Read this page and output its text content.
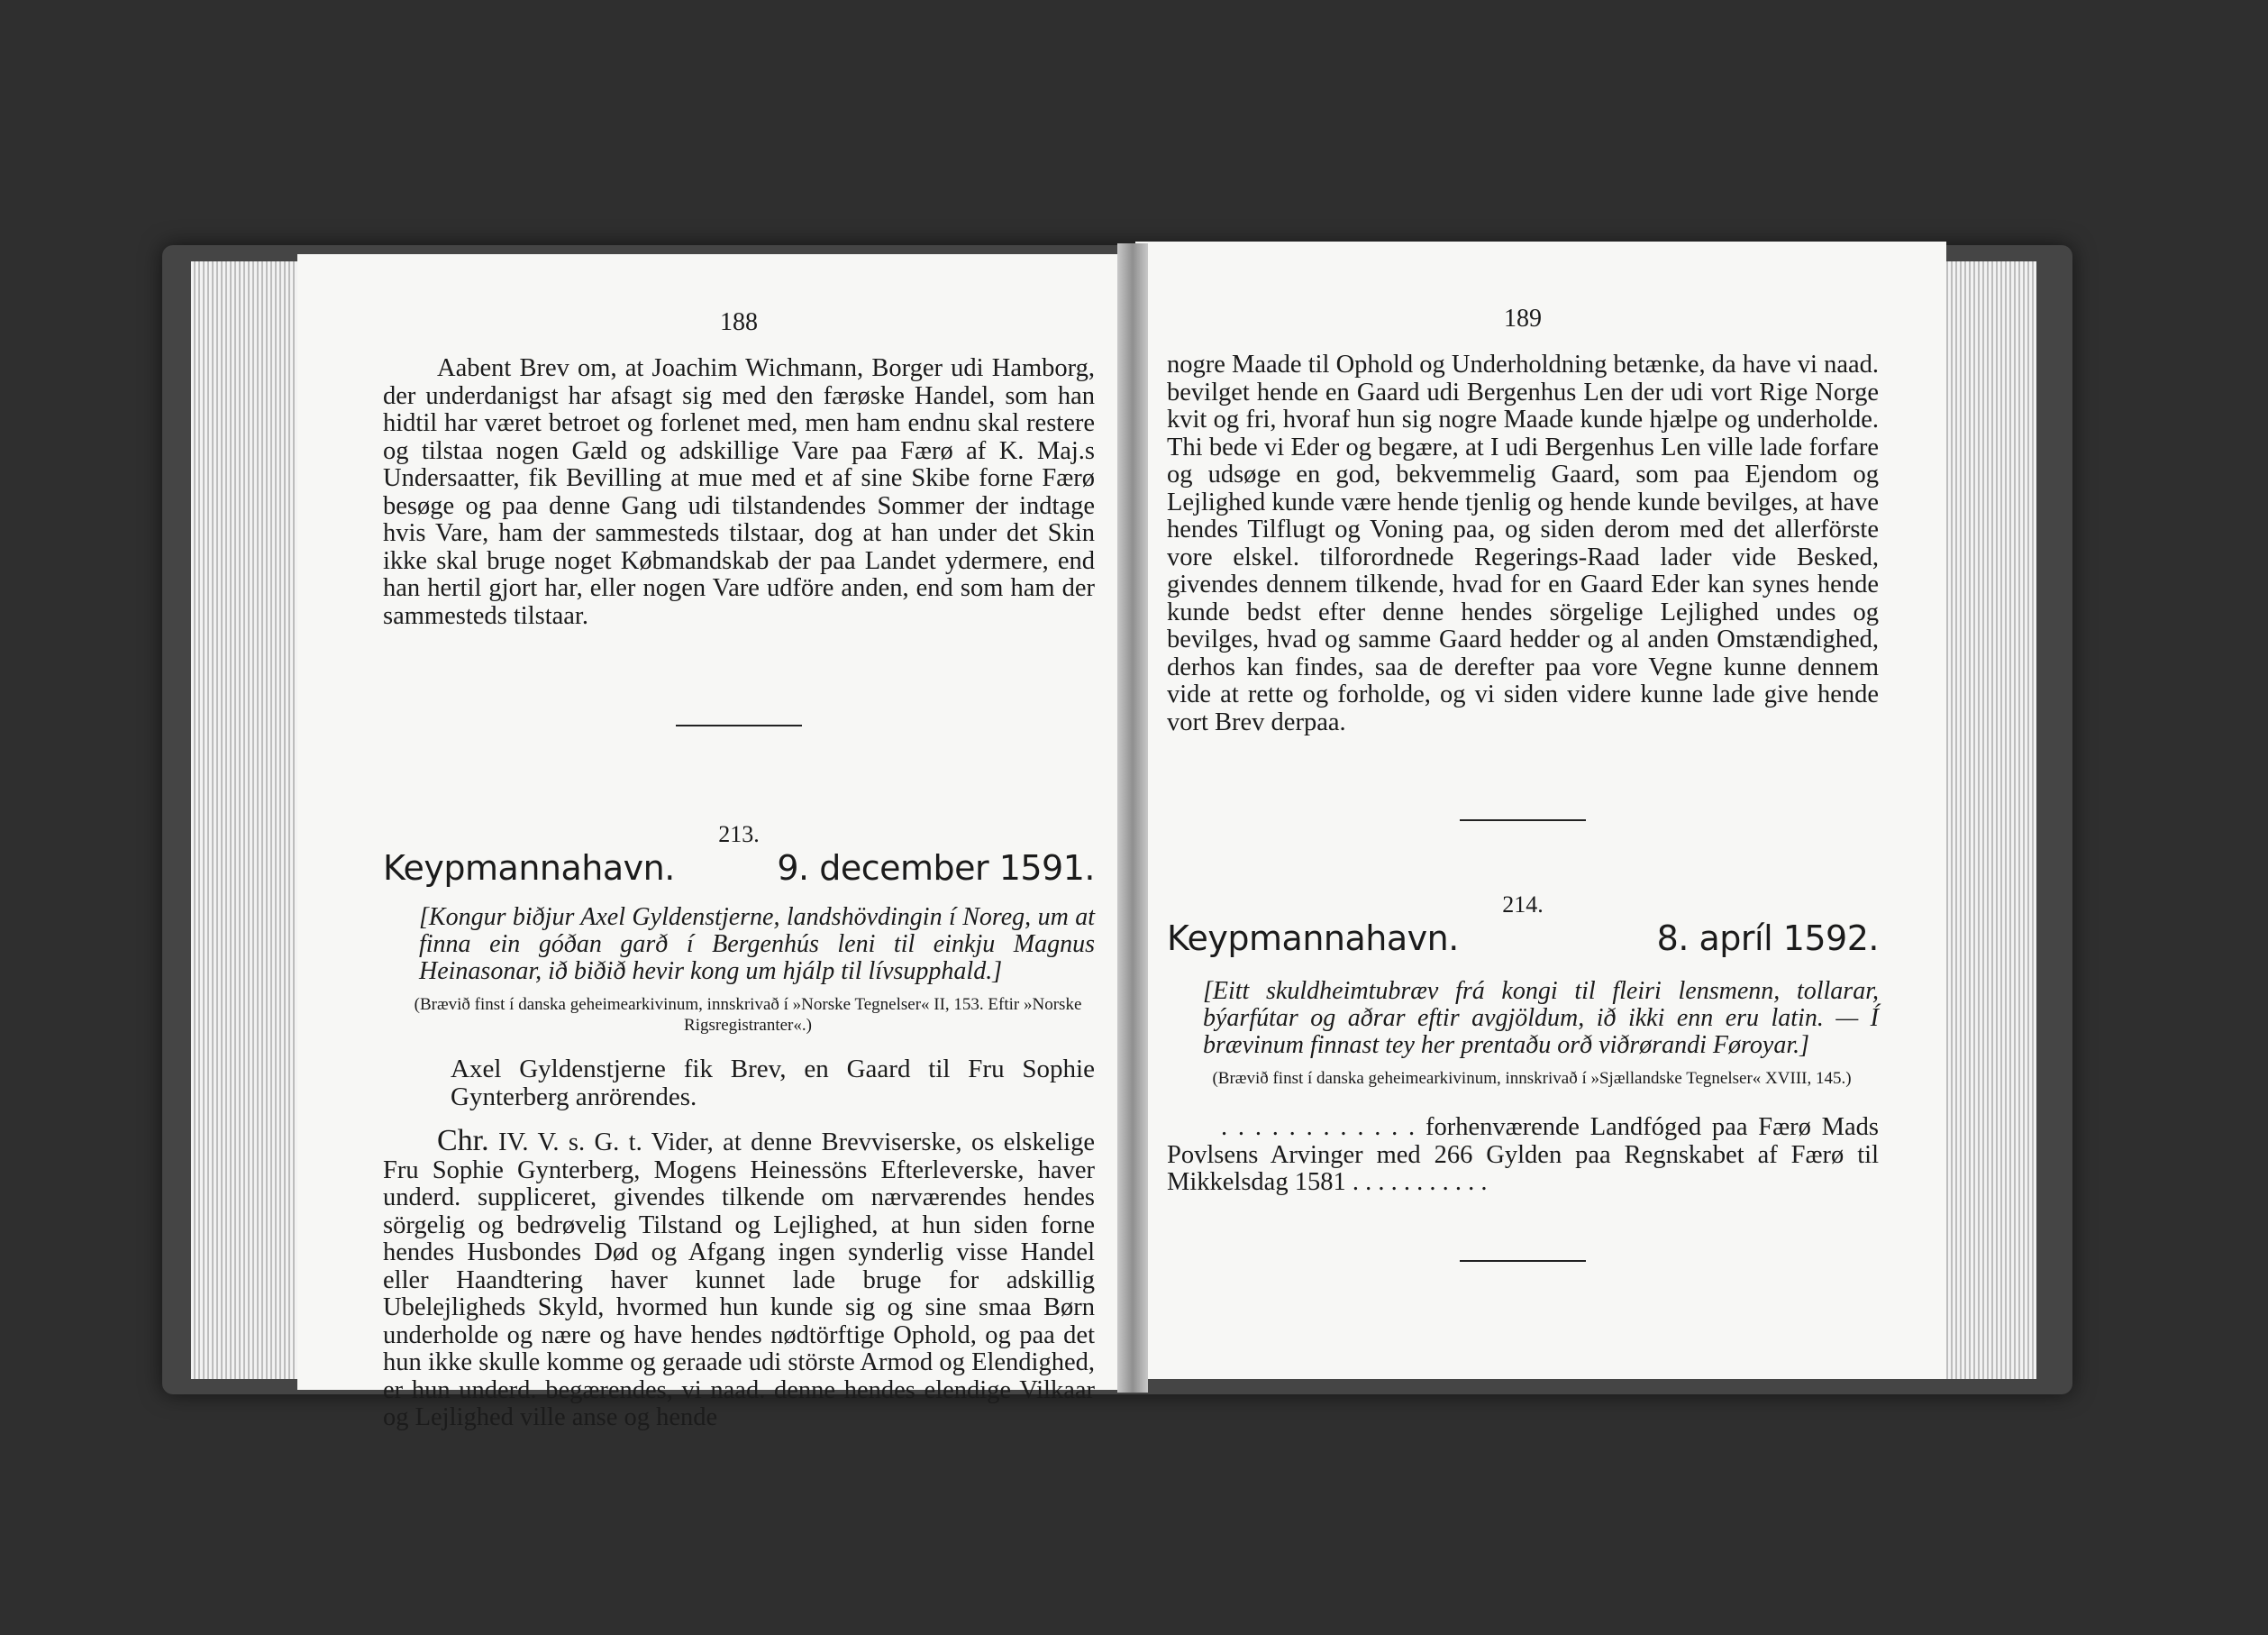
188

Aabent Brev om, at Joachim Wichmann, Borger udi Hamborg, der underdanigst har afsagt sig med den færøske Handel, som han hidtil har været betroet og forlenet med, men ham endnu skal restere og tilstaa nogen Gæld og adskillige Vare paa Færø af K. Maj.s Undersaatter, fik Bevilling at mue med et af sine Skibe forne Færø besøge og paa denne Gang udi tilstandendes Sommer der indtage hvis Vare, ham der sammesteds tilstaar, dog at han under det Skin ikke skal bruge noget Købmandskab der paa Landet ydermere, end han hertil gjort har, eller nogen Vare udföre anden, end som ham der sammesteds tilstaar.

213.

Keypmannahavn.	9. december 1591.

[Kongur biðjur Axel Gyldenstjerne, landshövdingin í Noreg, um at finna ein góðan garð í Bergenhús leni til einkju Magnus Heinasonar, ið biðið hevir kong um hjálp til lívsupphald.]

(Brævið finst í danska geheimearkivinum, innskrivað í »Norske Tegnelser« II, 153. Eftir »Norske Rigsregistranter«.)

Axel Gyldenstjerne fik Brev, en Gaard til Fru Sophie Gynterberg anrörendes.

Chr. IV. V. s. G. t. Vider, at denne Brevviserske, os elskelige Fru Sophie Gynterberg, Mogens Heinessöns Efterleverske, haver underd. suppliceret, givendes tilkende om nærværendes hendes sörgelig og bedrøvelig Tilstand og Lejlighed, at hun siden forne hendes Husbondes Død og Afgang ingen synderlig visse Handel eller Haandtering haver kunnet lade bruge for adskillig Ubelejligheds Skyld, hvormed hun kunde sig og sine smaa Børn underholde og nære og have hendes nødtörftige Ophold, og paa det hun ikke skulle komme og geraade udi störste Armod og Elendighed, er hun underd. begærendes, vi naad. denne hendes elendige Vilkaar og Lejlighed ville anse og hende

189

nogre Maade til Ophold og Underholdning betænke, da have vi naad. bevilget hende en Gaard udi Bergenhus Len der udi vort Rige Norge kvit og fri, hvoraf hun sig nogre Maade kunde hjælpe og underholde. Thi bede vi Eder og begære, at I udi Bergenhus Len ville lade forfare og udsøge en god, bekvemmelig Gaard, som paa Ejendom og Lejlighed kunde være hende tjenlig og hende kunde bevilges, at have hendes Tilflugt og Voning paa, og siden derom med det allerförste vore elskel. tilforordnede Regerings-Raad lader vide Besked, givendes dennem tilkende, hvad for en Gaard Eder kan synes hende kunde bedst efter denne hendes sörgelige Lejlighed undes og bevilges, hvad og samme Gaard hedder og al anden Omstændighed, derhos kan findes, saa de derefter paa vore Vegne kunne dennem vide at rette og forholde, og vi siden videre kunne lade give hende vort Brev derpaa.

214.

Keypmannahavn.	8. apríl 1592.

[Eitt skuldheimtubræv frá kongi til fleiri lensmenn, tollarar, býarfútar og aðrar eftir avgjöldum, ið ikki enn eru latin. — Í brævinum finnast tey her prentaðu orð viðrørandi Føroyar.]

(Brævið finst í danska geheimearkivinum, innskrivað í »Sjællandske Tegnelser« XVIII, 145.)

. . . . . . . . . . . . forhenværende Landfóged paa Færø Mads Povlsens Arvinger med 266 Gylden paa Regnskabet af Færø til Mikkelsdag 1581 . . . . . . . . . . .
